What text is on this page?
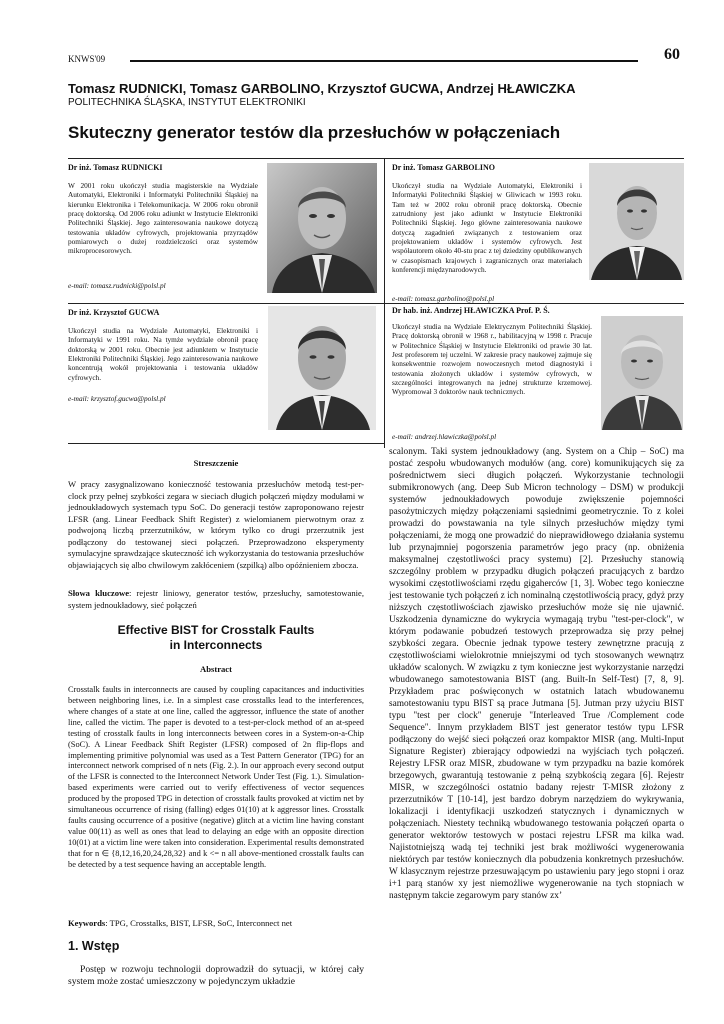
KNWS'09	60
Tomasz RUDNICKI, Tomasz GARBOLINO, Krzysztof GUCWA, Andrzej HŁAWICZKA
POLITECHNIKA ŚLĄSKA, INSTYTUT ELEKTRONIKI
Skuteczny generator testów dla przesłuchów w połączeniach
Dr inż. Tomasz RUDNICKI
W 2001 roku ukończył studia magisterskie na Wydziale Automatyki, Elektroniki i Informatyki Politechniki Śląskiej na kierunku Elektronika i Telekomunikacja. W 2006 roku obronił pracę doktorską. Od 2006 roku adiunkt w Instytucie Elektroniki Politechniki Śląskiej. Jego zainteresowania naukowe dotyczą testowania układów cyfrowych, projektowania przyrządów pomiarowych o dużej rozdzielczości oraz systemów mikroprocesorowych.
e-mail: tomasz.rudnicki@polsl.pl
Dr inż. Tomasz GARBOLINO
Ukończył studia na Wydziale Automatyki, Elektroniki i Informatyki Politechniki Śląskiej w Gliwicach w 1993 roku. Tam też w 2002 roku obronił pracę doktorską. Obecnie zatrudniony jest jako adiunkt w Instytucie Elektroniki Politechniki Śląskiej. Jego główne zainteresowania naukowe dotyczą zagadnień związanych z testowaniem oraz projektowaniem układów i systemów cyfrowych. Jest współautorem około 40-stu prac z tej dziedziny opublikowanych w czasopismach krajowych i zagranicznych oraz materiałach konferencji międzynarodowych.
e-mail: tomasz.garbolino@polsl.pl
Dr inż. Krzysztof GUCWA
Ukończył studia na Wydziale Automatyki, Elektroniki i Informatyki w 1991 roku. Na tymże wydziale obronił pracę doktorską w 2001 roku. Obecnie jest adiunktem w Instytucie Elektroniki Politechniki Śląskiej. Jego zainteresowania naukowe koncentrują wokół projektowania i testowania układów cyfrowych.
e-mail: krzysztof.gucwa@polsl.pl
Dr hab. inż. Andrzej HŁAWICZKA Prof. P. Ś.
Ukończył studia na Wydziale Elektrycznym Politechniki Śląskiej. Pracę doktorską obronił w 1968 r., habilitacyjną w 1998 r. Pracuje w Politechnice Śląskiej w Instytucie Elektroniki od prawie 30 lat. Jest profesorem tej uczelni. W zakresie pracy naukowej zajmuje się konsekwentnie rozwojem nowoczesnych metod diagnostyki i testowania złożonych układów i systemów cyfrowych, w szczególności integrowanych na jednej strukturze krzemowej. Wypromował 3 doktorów nauk technicznych.
e-mail: andrzej.hlawiczka@polsl.pl
Streszczenie
W pracy zasygnalizowano konieczność testowania przesłuchów metodą test-per-clock przy pełnej szybkości zegara w sieciach długich połączeń między modułami w jednoukładowych systemach typu SoC. Do generacji testów zaproponowano rejestr LFSR (ang. Linear Feedback Shift Register) z wielomianem pierwotnym oraz z podwojoną liczbą przerzutników, w którym tylko co drugi przerzutnik jest podłączony do testowanej sieci połączeń. Przeprowadzono eksperymenty symulacyjne sprawdzające skuteczność ich wykorzystania do testowania przesłuchów objawiających się albo chwilowym zakłóceniem (szpilką) albo opóźnieniem zbocza.
Słowa kluczowe: rejestr liniowy, generator testów, przesłuchy, samotestowanie, system jednoukładowy, sieć połączeń
Effective BIST for Crosstalk Faults
in Interconnects
Abstract
Crosstalk faults in interconnects are caused by coupling capacitances and inductivities between neighboring lines, i.e. In a simplest case crosstalks lead to the interferences, where changes of a state at one line, called the aggressor, influence the state of another line, called the victim. The paper is devoted to a test-per-clock method of an at-speed testing of crosstalk faults in long interconnects between cores in a System-on-a-Chip (SoC). A Linear Feedback Shift Register (LFSR) composed of 2n flip-flops and implementing primitive polynomial was used as a Test Pattern Generator (TPG) for an interconnect network comprised of n nets (Fig. 2.). In our approach every second output of the LFSR is connected to the Interconnect Network Under Test (Fig. 1.). Simulation-based experiments were carried out to verify effectiveness of vector sequences produced by the proposed TPG in detection of crosstalk faults provoked at victim net by simultaneous occurrence of rising (falling) edges 01(10) at k aggressor lines. Crosstalk faults causing occurrence of a positive (negative) glitch at a victim line having constant value 00(11) as well as ones that lead to delaying an edge with an opposite direction 10(01) at a victim line were taken into consideration. Experimental results demonstrated that for n ∈ {8,12,16,20,24,28,32} and k <= n all above-mentioned crosstalk faults can be detected by a test sequence having an acceptable length.
Keywords: TPG, Crosstalks, BIST, LFSR, SoC, Interconnect net
1. Wstęp
Postęp w rozwoju technologii doprowadził do sytuacji, w której cały system może zostać umieszczony w pojedynczym układzie
scalonym. Taki system jednoukładowy (ang. System on a Chip – SoC) ma postać zespołu wbudowanych modułów (ang. core) komunikujących się za pośrednictwem sieci długich połączeń. Wykorzystanie technologii submikronowych (ang. Deep Sub Micron technology – DSM) w produkcji systemów jednoukładowych powoduje zwiększenie pojemności pasożytniczych między połączeniami sąsiednimi geometrycznie. To z kolei prowadzi do powstawania na tyle silnych przesłuchów między tymi połączeniami, że mogą one prowadzić do nieprawidłowego działania systemu lub przynajmniej pogorszenia parametrów jego pracy (np. obniżenia maksymalnej częstotliwości pracy systemu) [2]. Przesłuchy stanowią szczególny problem w przypadku długich połączeń pracujących z bardzo wysokimi częstotliwościami rzędu gigaherców [1, 3]. Wobec tego konieczne jest testowanie tych połączeń z ich nominalną częstotliwością pracy, gdyż przy niższych częstotliwościach zjawisko przesłuchów może się nie ujawnić. Uszkodzenia dynamiczne do wykrycia wymagają trybu "test-per-clock", w którym podawanie pobudzeń testowych przeprowadza się przy pełnej szybkości zegara. Obecnie jednak typowe testery zewnętrzne pracują z częstotliwościami wielokrotnie mniejszymi od tych stosowanych wewnątrz układów scalonych. W związku z tym konieczne jest wykorzystanie narzędzi wbudowanego samotestowania BIST (ang. Built-In Self-Test) [7, 8, 9]. Przykładem prac poświęconych w ostatnich latach wbudowanemu samotestowaniu typu BIST są prace Jutmana [5]. Jutman przy użyciu BIST typu "test per clock" generuje "Interleaved True /Complement code Sequence". Innym przykładem BIST jest generator testów typu LFSR podłączony do wejść sieci połączeń oraz kompaktor MISR (ang. Multi-Input Signature Register) zbierający odpowiedzi na wyjściach tych połączeń. Rejestry LFSR oraz MISR, zbudowane w tym przypadku na bazie komórek brzegowych, gwarantują testowanie z pełną szybkością zegara [6]. Rejestr MISR, w szczególności ostatnio badany rejestr T-MISR złożony z przerzutników T [10-14], jest bardzo dobrym narzędziem do wykrywania, lokalizacji i identyfikacji uszkodzeń statycznych i dynamicznych w połączeniach. Niestety techniką wbudowanego testowania połączeń oparta o generator wektorów testowych w postaci rejestru LFSR ma kilka wad. Najistotniejszą wadą tej techniki jest brak możliwości wygenerowania niektórych par testów koniecznych dla pobudzenia konkretnych przesłuchów. W klasycznym rejestrze przesuwającym po ustawieniu pary jego stopni i oraz i+1 parą stanów xy jest niemożliwe wygenerowanie na tych stopniach w następnym takcie zegarowym pary stanów zx’
